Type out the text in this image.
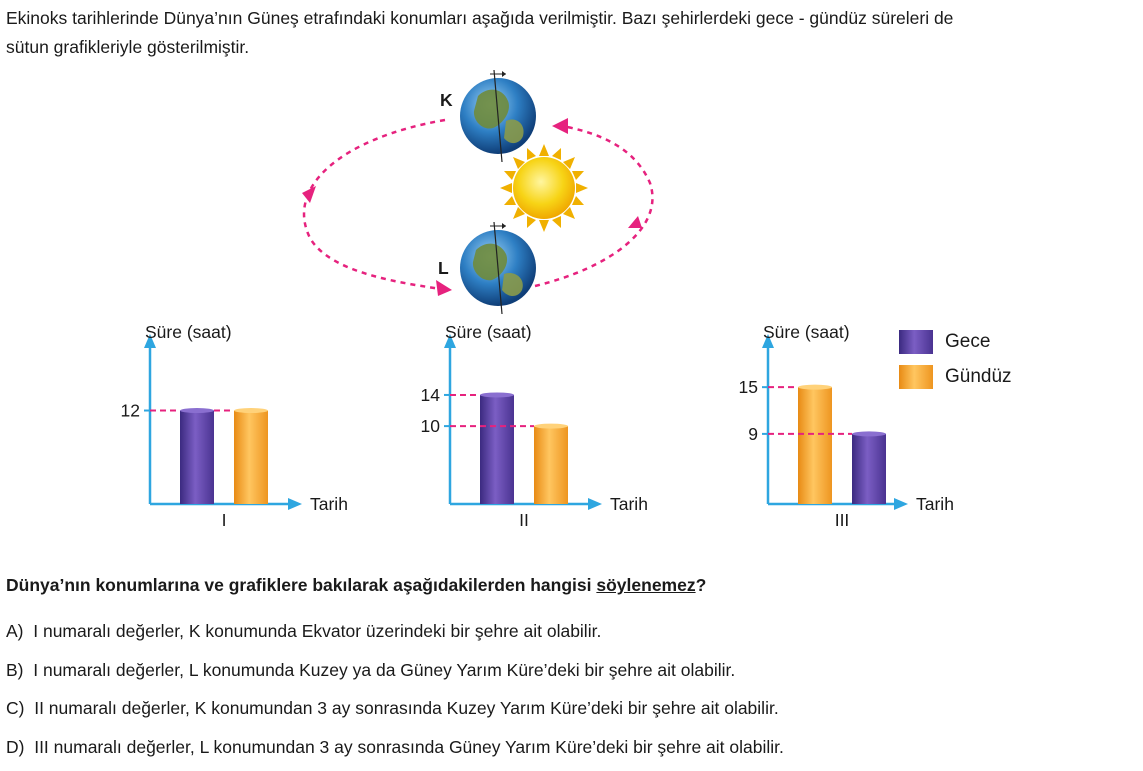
Ekinoks tarihlerinde Dünya’nın Güneş etrafındaki konumları aşağıda verilmiştir. Bazı şehirlerdeki gece - gündüz süreleri de
sütun grafikleriyle gösterilmiştir.
K
L
Süre (saat)
Tarih
I
12
Süre (saat)
Tarih
II
14
10
Süre (saat)
Tarih
III
15
9
Gece
Gündüz
Dünya’nın konumlarına ve grafiklere bakılarak aşağıdakilerden hangisi söylenemez?
A) I numaralı değerler, K konumunda Ekvator üzerindeki bir şehre ait olabilir.
B) I numaralı değerler, L konumunda Kuzey ya da Güney Yarım Küre’deki bir şehre ait olabilir.
C) II numaralı değerler, K konumundan 3 ay sonrasında Kuzey Yarım Küre’deki bir şehre ait olabilir.
D) III numaralı değerler, L konumundan 3 ay sonrasında Güney Yarım Küre’deki bir şehre ait olabilir.
